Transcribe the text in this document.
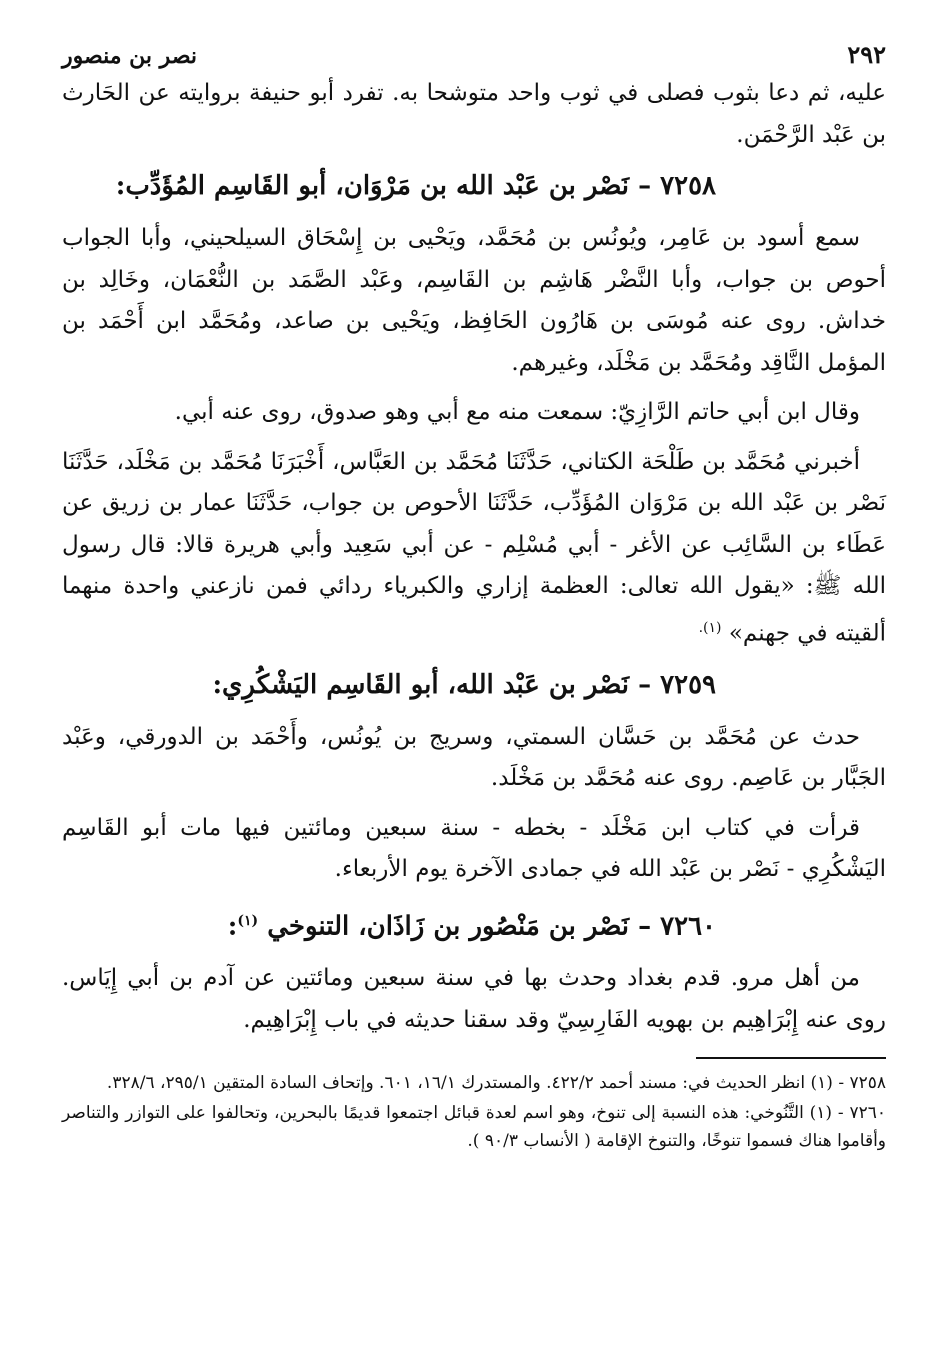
٢٩٢
نصر بن منصور

عليه، ثم دعا بثوب فصلى في ثوب واحد متوشحا به. تفرد أبو حنيفة بروايته عن الحَارث بن عَبْد الرَّحْمَن.

٧٢٥٨ – نَصْر بن عَبْد الله بن مَرْوَان، أبو القَاسِم المُؤَدِّب:

سمع أسود بن عَامِر، ويُونُس بن مُحَمَّد، ويَحْيى بن إِسْحَاق السيلحيني، وأبا الجواب أحوص بن جواب، وأبا النَّضْر هَاشِم بن القَاسِم، وعَبْد الصَّمَد بن النُّعْمَان، وخَالِد بن خداش. روى عنه مُوسَى بن هَارُون الحَافِظ، ويَحْيى بن صاعد، ومُحَمَّد ابن أَحْمَد بن المؤمل النَّاقِد ومُحَمَّد بن مَخْلَد، وغيرهم.

وقال ابن أبي حاتم الرَّازِيّ: سمعت منه مع أبي وهو صدوق، روى عنه أبي.

أخبرني مُحَمَّد بن طَلْحَة الكتاني، حَدَّثَنَا مُحَمَّد بن العَبَّاس، أَخْبَرَنَا مُحَمَّد بن مَخْلَد، حَدَّثَنَا نَصْر بن عَبْد الله بن مَرْوَان المُؤَدِّب، حَدَّثَنَا الأحوص بن جواب، حَدَّثَنَا عمار بن زريق عن عَطَاء بن السَّائِب عن الأغر - أبي مُسْلِم - عن أبي سَعِيد وأبي هريرة قالا: قال رسول الله ﷺ: «يقول الله تعالى: العظمة إزاري والكبرياء ردائي فمن نازعني واحدة منهما ألقيته في جهنم» $^{(١).}$

٧٢٥٩ – نَصْر بن عَبْد الله، أبو القَاسِم اليَشْكُرِي:

حدث عن مُحَمَّد بن حَسَّان السمتي، وسريج بن يُونُس، وأَحْمَد بن الدورقي، وعَبْد الجَبَّار بن عَاصِم. روى عنه مُحَمَّد بن مَخْلَد.

قرأت في كتاب ابن مَخْلَد - بخطه - سنة سبعين ومائتين فيها مات أبو القَاسِم اليَشْكُرِي - نَصْر بن عَبْد الله في جمادى الآخرة يوم الأربعاء.

٧٢٦٠ – نَصْر بن مَنْصُور بن زَاذَان، التنوخي $^{(١)}$:

من أهل مرو. قدم بغداد وحدث بها في سنة سبعين ومائتين عن آدم بن أبي إِيَاس. روى عنه إِبْرَاهِيم بن بهويه الفَارِسِيّ وقد سقنا حديثه في باب إِبْرَاهِيم.

٧٢٥٨ - (١) انظر الحديث في: مسند أحمد ٤٢٢/٢. والمستدرك ١٦/١، ٦٠١. وإتحاف السادة المتقين ٢٩٥/١، ٣٢٨/٦.

٧٢٦٠ - (١) التَّنُوخي: هذه النسبة إلى تنوخ، وهو اسم لعدة قبائل اجتمعوا قديمًا بالبحرين، وتحالفوا على التوازر والتناصر وأقاموا هناك فسموا تنوخًا، والتنوخ الإقامة ( الأنساب ٩٠/٣ ).
